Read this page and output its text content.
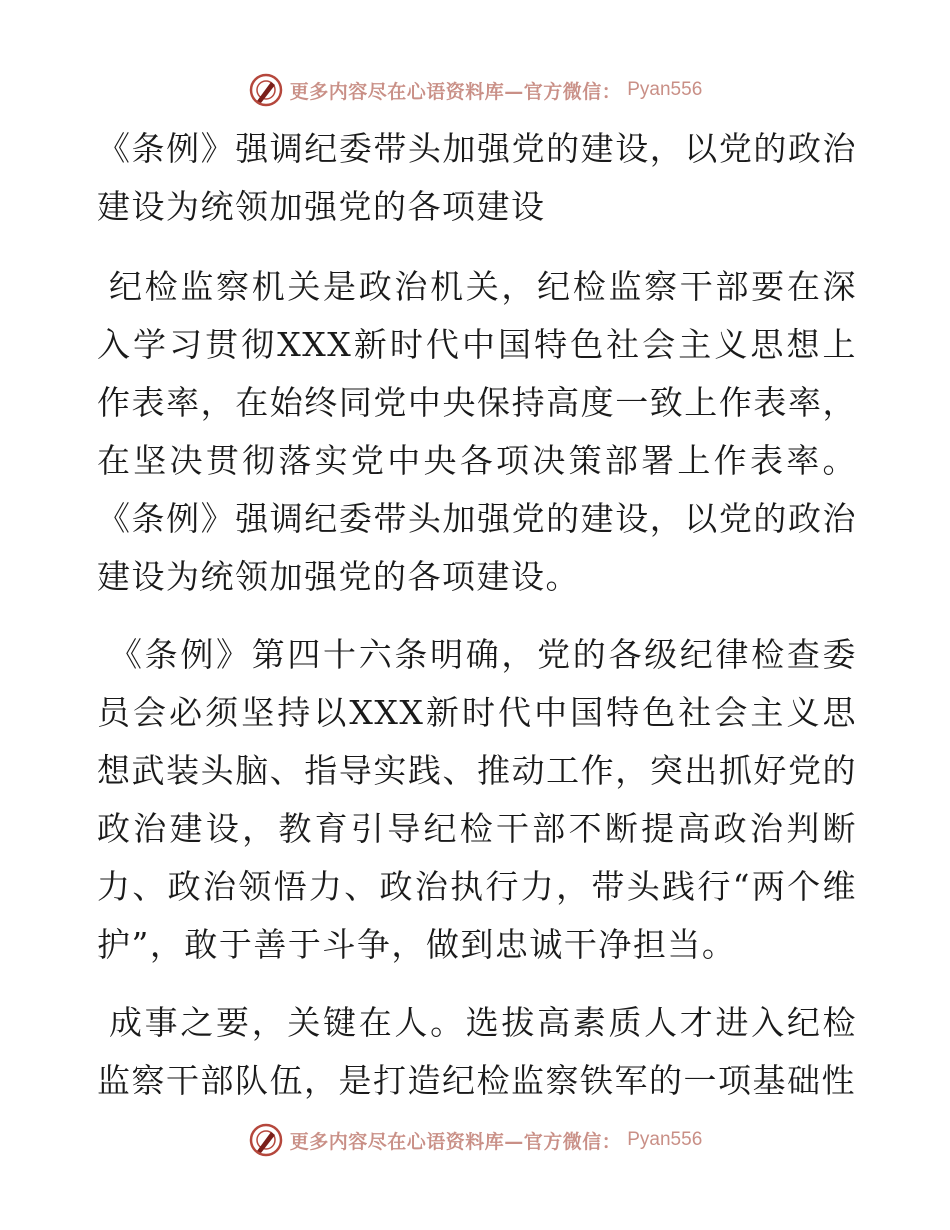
更多内容尽在心语资料库—官方微信： Pyan556

《条例》强调纪委带头加强党的建设，以党的政治建设为统领加强党的各项建设

纪检监察机关是政治机关，纪检监察干部要在深入学习贯彻XXX新时代中国特色社会主义思想上作表率，在始终同党中央保持高度一致上作表率，在坚决贯彻落实党中央各项决策部署上作表率。《条例》强调纪委带头加强党的建设，以党的政治建设为统领加强党的各项建设。

《条例》第四十六条明确，党的各级纪律检查委员会必须坚持以XXX新时代中国特色社会主义思想武装头脑、指导实践、推动工作，突出抓好党的政治建设，教育引导纪检干部不断提高政治判断力、政治领悟力、政治执行力，带头践行“两个维护”，敢于善于斗争，做到忠诚干净担当。

成事之要，关键在人。选拔高素质人才进入纪检监察干部队伍，是打造纪检监察铁军的一项基础性

更多内容尽在心语资料库—官方微信： Pyan556
